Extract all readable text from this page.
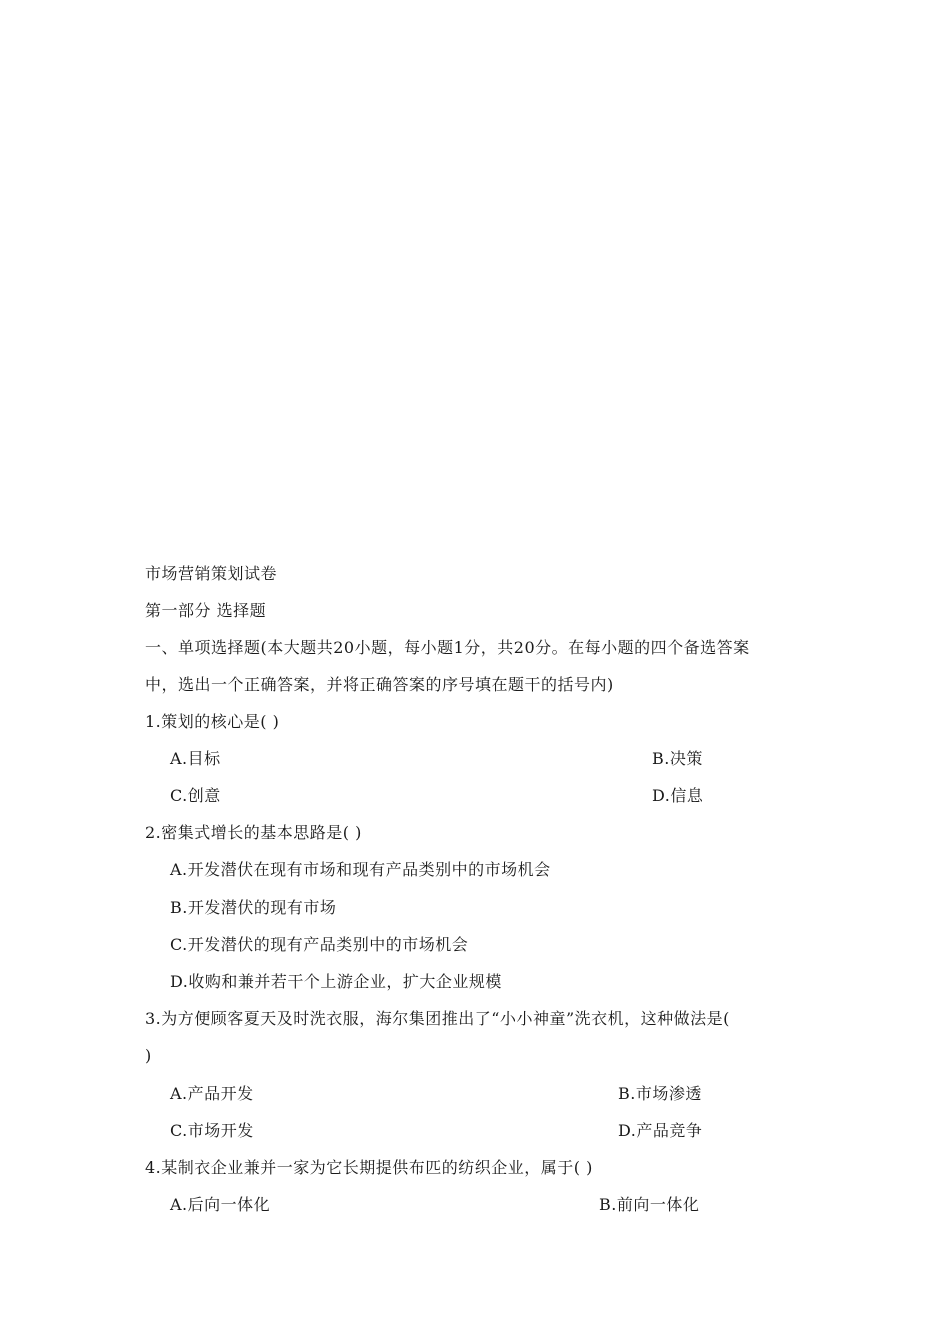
市场营销策划试卷
第一部分 选择题
一、单项选择题(本大题共20小题，每小题1分，共20分。在每小题的四个备选答案
中，选出一个正确答案，并将正确答案的序号填在题干的括号内)
1.策划的核心是( )
A.目标	B.决策
C.创意	D.信息
2.密集式增长的基本思路是( )
A.开发潜伏在现有市场和现有产品类别中的市场机会
B.开发潜伏的现有市场
C.开发潜伏的现有产品类别中的市场机会
D.收购和兼并若干个上游企业，扩大企业规模
3.为方便顾客夏天及时洗衣服，海尔集团推出了“小小神童”洗衣机，这种做法是(
)
A.产品开发	B.市场渗透
C.市场开发	D.产品竞争
4.某制衣企业兼并一家为它长期提供布匹的纺织企业，属于( )
A.后向一体化	B.前向一体化
